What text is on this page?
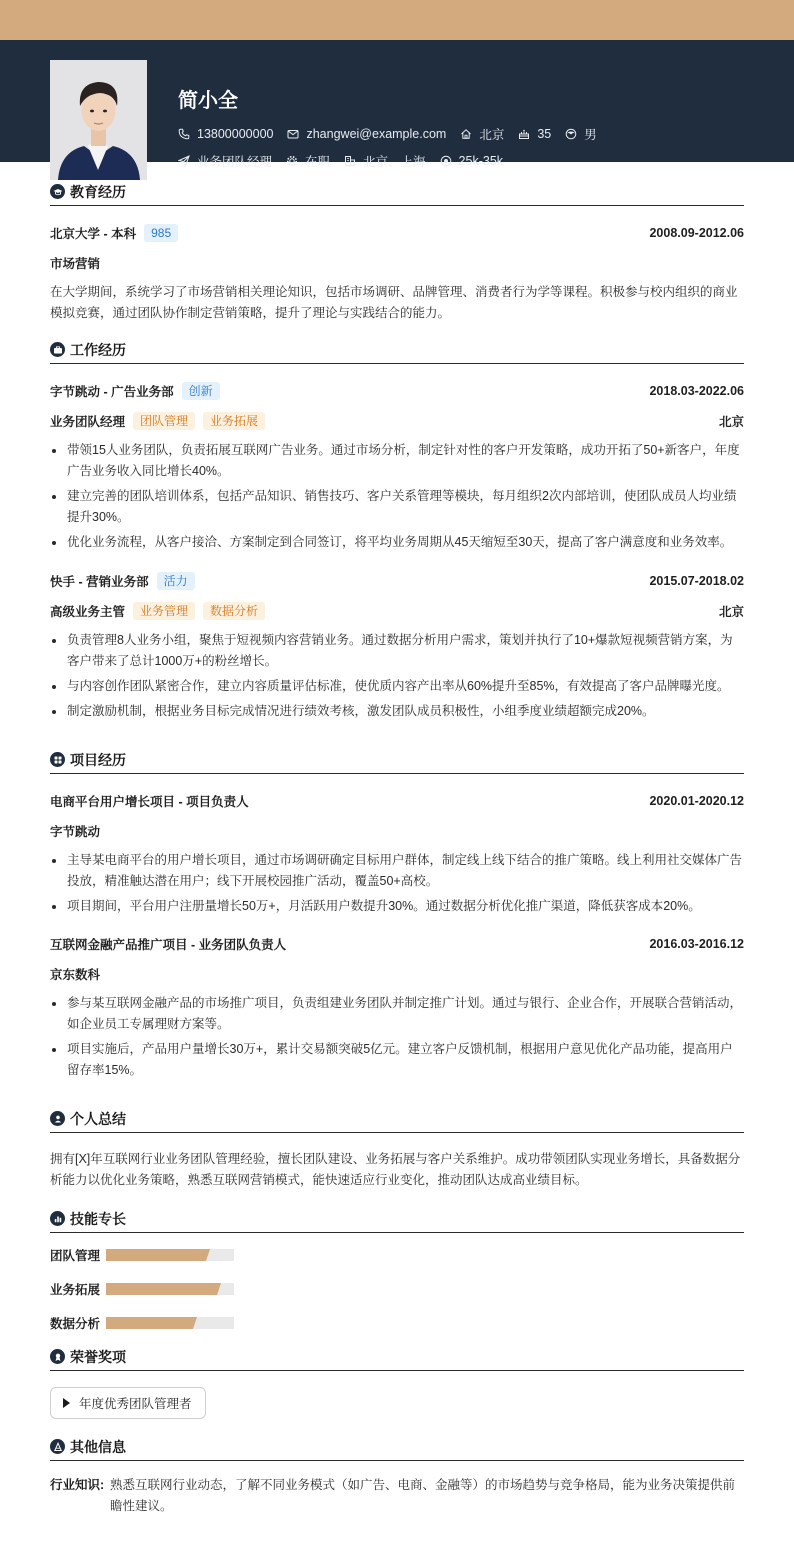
简小全
13800000000	zhangwei@example.com	北京	35	男
业务团队经理	在职	北京、上海	25k-35k
教育经历
北京大学 - 本科	985	2008.09-2012.06
市场营销
在大学期间，系统学习了市场营销相关理论知识，包括市场调研、品牌管理、消费者行为学等课程。积极参与校内组织的商业模拟竞赛，通过团队协作制定营销策略，提升了理论与实践结合的能力。
工作经历
字节跳动 - 广告业务部	创新	2018.03-2022.06
业务团队经理	团队管理	业务拓展	北京
带领15人业务团队，负责拓展互联网广告业务。通过市场分析，制定针对性的客户开发策略，成功开拓了50+新客户，年度广告业务收入同比增长40%。
建立完善的团队培训体系，包括产品知识、销售技巧、客户关系管理等模块，每月组织2次内部培训，使团队成员人均业绩提升30%。
优化业务流程，从客户接洽、方案制定到合同签订，将平均业务周期从45天缩短至30天，提高了客户满意度和业务效率。
快手 - 营销业务部	活力	2015.07-2018.02
高级业务主管	业务管理	数据分析	北京
负责管理8人业务小组，聚焦于短视频内容营销业务。通过数据分析用户需求，策划并执行了10+爆款短视频营销方案，为客户带来了总计1000万+的粉丝增长。
与内容创作团队紧密合作，建立内容质量评估标准，使优质内容产出率从60%提升至85%，有效提高了客户品牌曝光度。
制定激励机制，根据业务目标完成情况进行绩效考核，激发团队成员积极性，小组季度业绩超额完成20%。
项目经历
电商平台用户增长项目 - 项目负责人	2020.01-2020.12
字节跳动
主导某电商平台的用户增长项目，通过市场调研确定目标用户群体，制定线上线下结合的推广策略。线上利用社交媒体广告投放，精准触达潜在用户；线下开展校园推广活动，覆盖50+高校。
项目期间，平台用户注册量增长50万+，月活跃用户数提升30%。通过数据分析优化推广渠道，降低获客成本20%。
互联网金融产品推广项目 - 业务团队负责人	2016.03-2016.12
京东数科
参与某互联网金融产品的市场推广项目，负责组建业务团队并制定推广计划。通过与银行、企业合作，开展联合营销活动，如企业员工专属理财方案等。
项目实施后，产品用户量增长30万+，累计交易额突破5亿元。建立客户反馈机制，根据用户意见优化产品功能，提高用户留存率15%。
个人总结
拥有[X]年互联网行业业务团队管理经验，擅长团队建设、业务拓展与客户关系维护。成功带领团队实现业务增长，具备数据分析能力以优化业务策略，熟悉互联网营销模式，能快速适应行业变化，推动团队达成高业绩目标。
技能专长
团队管理
业务拓展
数据分析
荣誉奖项
年度优秀团队管理者
其他信息
行业知识: 熟悉互联网行业动态，了解不同业务模式（如广告、电商、金融等）的市场趋势与竞争格局，能为业务决策提供前瞻性建议。
